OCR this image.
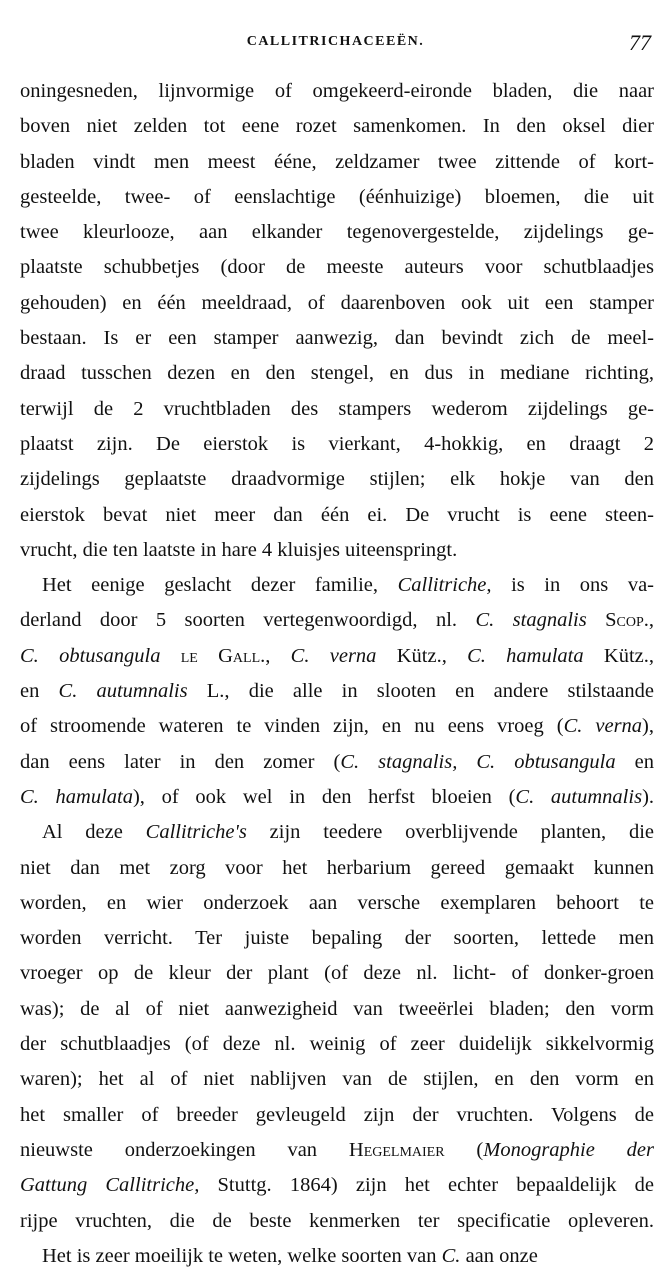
CALLITRICHACEEËN.	77
oningesneden, lijnvormige of omgekeerd-eironde bladen, die naar
boven niet zelden tot eene rozet samenkomen. In den oksel dier
bladen vindt men meest éénе, zeldzamer twee zittende of kort-
gesteelde, twee- of eenslachtige (éénhuizige) bloemen, die uit
twee kleurlooze, aan elkander tegenovergestelde, zijdelings ge-
plaatste schubbetjes (door de meeste auteurs voor schutblaadjes
gehouden) en één meeldraad, of daarenboven ook uit een stamper
bestaan. Is er een stamper aanwezig, dan bevindt zich de meel-
draad tusschen dezen en den stengel, en dus in mediane richting,
terwijl de 2 vruchtbladen des stampers wederom zijdelings ge-
plaatst zijn. De eierstok is vierkant, 4-hokkig, en draagt 2
zijdelings geplaatste draadvormige stijlen; elk hokje van den
eierstok bevat niet meer dan één ei. De vrucht is eene steen-
vrucht, die ten laatste in hare 4 kluisjes uiteenspringt.
Het eenige geslacht dezer familie, Callitriche, is in ons va-
derland door 5 soorten vertegenwoordigd, nl. C. stagnalis Scop.,
C. obtusangula le Gall., C. verna Kütz., C. hamulata Kütz.,
en C. autumnalis L., die alle in slooten en andere stilstaande
of stroomende wateren te vinden zijn, en nu eens vroeg (C. verna),
dan eens later in den zomer (C. stagnalis, C. obtusangula en
C. hamulata), of ook wel in den herfst bloeien (C. autumnalis).
Al deze Callitriche's zijn teedere overblijvende planten, die
niet dan met zorg voor het herbarium gereed gemaakt kunnen
worden, en wier onderzoek aan versche exemplaren behoort te
worden verricht. Ter juiste bepaling der soorten, lettede men
vroeger op de kleur der plant (of deze nl. licht- of donker-groen
was); de al of niet aanwezigheid van tweeërlei bladen; den vorm
der schutblaadjes (of deze nl. weinig of zeer duidelijk sikkelvormig
waren); het al of niet nablijven van de stijlen, en den vorm en
het smaller of breeder gevleugeld zijn der vruchten. Volgens de
nieuwste onderzoekingen van Hegelmaier (Monographie der
Gattung Callitriche, Stuttg. 1864) zijn het echter bepaaldelijk de
rijpe vruchten, die de beste kenmerken ter specificatie opleveren.
Het is zeer moeilijk te weten, welke soorten van C. aan onze
